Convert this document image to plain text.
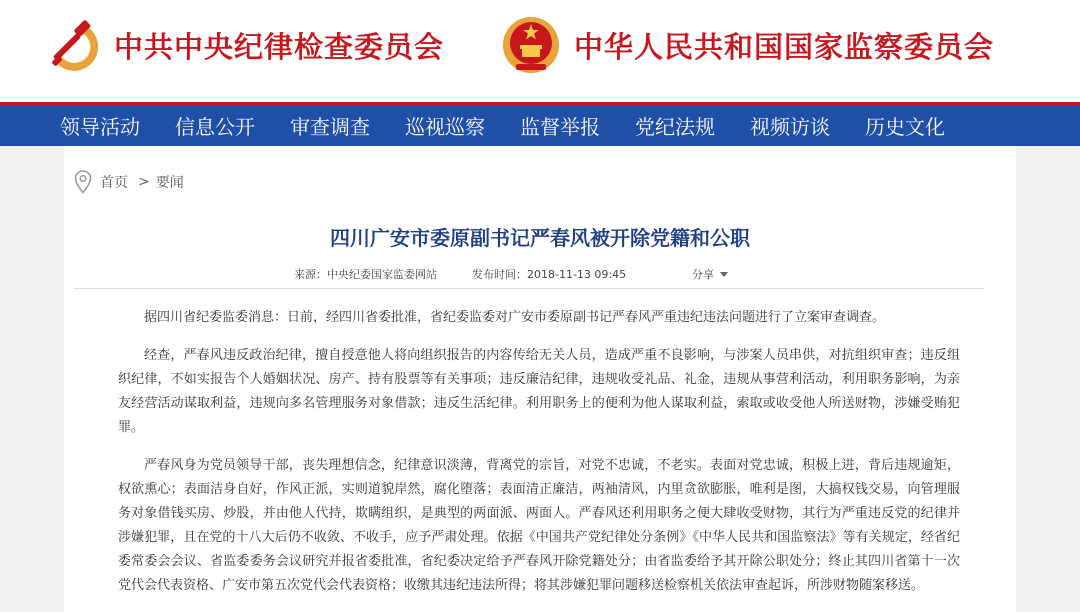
中共中央纪律检查委员会	中华人民共和国国家监察委员会
领导活动 信息公开 审查调查 巡视巡察 监督举报 党纪法规 视频访谈 历史文化
首页 > 要闻
四川广安市委原副书记严春风被开除党籍和公职
来源：中央纪委国家监委网站	发布时间：2018-11-13 09:45	分享

据四川省纪委监委消息：日前，经四川省委批准，省纪委监委对广安市委原副书记严春风严重违纪违法问题进行了立案审查调查。

经查，严春风违反政治纪律，擅自授意他人将向组织报告的内容传给无关人员，造成严重不良影响，与涉案人员串供，对抗组织审查；违反组织纪律，不如实报告个人婚姻状况、房产、持有股票等有关事项；违反廉洁纪律，违规收受礼品、礼金，违规从事营利活动，利用职务影响，为亲友经营活动谋取利益，违规向多名管理服务对象借款；违反生活纪律。利用职务上的便利为他人谋取利益，索取或收受他人所送财物，涉嫌受贿犯罪。

严春风身为党员领导干部，丧失理想信念，纪律意识淡薄，背离党的宗旨，对党不忠诚，不老实。表面对党忠诚，积极上进，背后违规逾矩，权欲熏心；表面洁身自好，作风正派，实则道貌岸然，腐化堕落；表面清正廉洁，两袖清风，内里贪欲膨胀，唯利是图，大搞权钱交易，向管理服务对象借钱买房、炒股，并由他人代持，欺瞒组织，是典型的两面派、两面人。严春风还利用职务之便大肆收受财物，其行为严重违反党的纪律并涉嫌犯罪，且在党的十八大后仍不收敛、不收手，应予严肃处理。依据《中国共产党纪律处分条例》《中华人民共和国监察法》等有关规定，经省纪委常委会会议、省监委委务会议研究并报省委批准，省纪委决定给予严春风开除党籍处分；由省监委给予其开除公职处分；终止其四川省第十一次党代会代表资格、广安市第五次党代会代表资格；收缴其违纪违法所得；将其涉嫌犯罪问题移送检察机关依法审查起诉，所涉财物随案移送。
